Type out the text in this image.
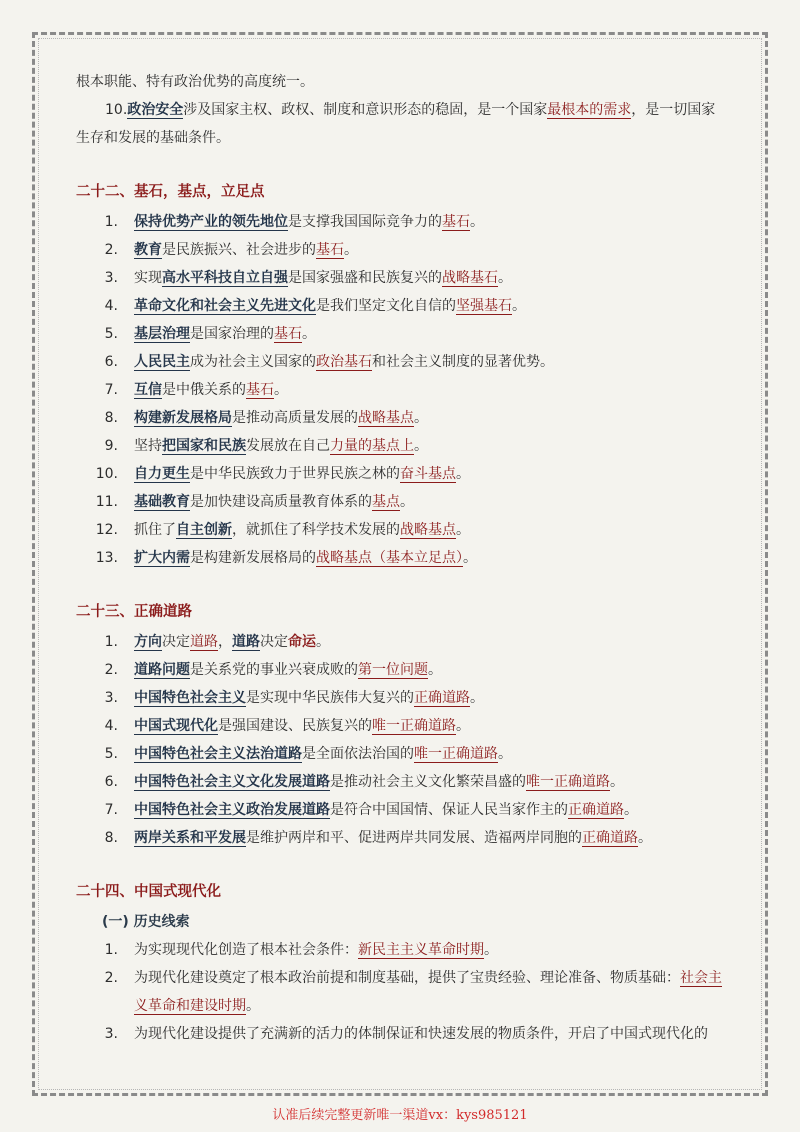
根本职能、特有政治优势的高度统一。

10.政治安全涉及国家主权、政权、制度和意识形态的稳固，是一个国家最根本的需求，是一切国家生存和发展的基础条件。

二十二、基石，基点，立足点
1.	保持优势产业的领先地位是支撑我国国际竞争力的基石。
2.	教育是民族振兴、社会进步的基石。
3.	实现高水平科技自立自强是国家强盛和民族复兴的战略基石。
4.	革命文化和社会主义先进文化是我们坚定文化自信的坚强基石。
5.	基层治理是国家治理的基石。
6.	人民民主成为社会主义国家的政治基石和社会主义制度的显著优势。
7.	互信是中俄关系的基石。
8.	构建新发展格局是推动高质量发展的战略基点。
9.	坚持把国家和民族发展放在自己力量的基点上。
10.	自力更生是中华民族致力于世界民族之林的奋斗基点。
11.	基础教育是加快建设高质量教育体系的基点。
12.	抓住了自主创新，就抓住了科学技术发展的战略基点。
13.	扩大内需是构建新发展格局的战略基点（基本立足点）。
二十三、正确道路
1.	方向决定道路，道路决定命运。
2.	道路问题是关系党的事业兴衰成败的第一位问题。
3.	中国特色社会主义是实现中华民族伟大复兴的正确道路。
4.	中国式现代化是强国建设、民族复兴的唯一正确道路。
5.	中国特色社会主义法治道路是全面依法治国的唯一正确道路。
6.	中国特色社会主义文化发展道路是推动社会主义文化繁荣昌盛的唯一正确道路。
7.	中国特色社会主义政治发展道路是符合中国国情、保证人民当家作主的正确道路。
8.	两岸关系和平发展是维护两岸和平、促进两岸共同发展、造福两岸同胞的正确道路。
二十四、中国式现代化
(一) 历史线索
1.	为实现现代化创造了根本社会条件：新民主主义革命时期。
2.	为现代化建设奠定了根本政治前提和制度基础，提供了宝贵经验、理论准备、物质基础：社会主义革命和建设时期。
3.	为现代化建设提供了充满新的活力的体制保证和快速发展的物质条件，开启了中国式现代化的
认准后续完整更新唯一渠道vx：kys985121
